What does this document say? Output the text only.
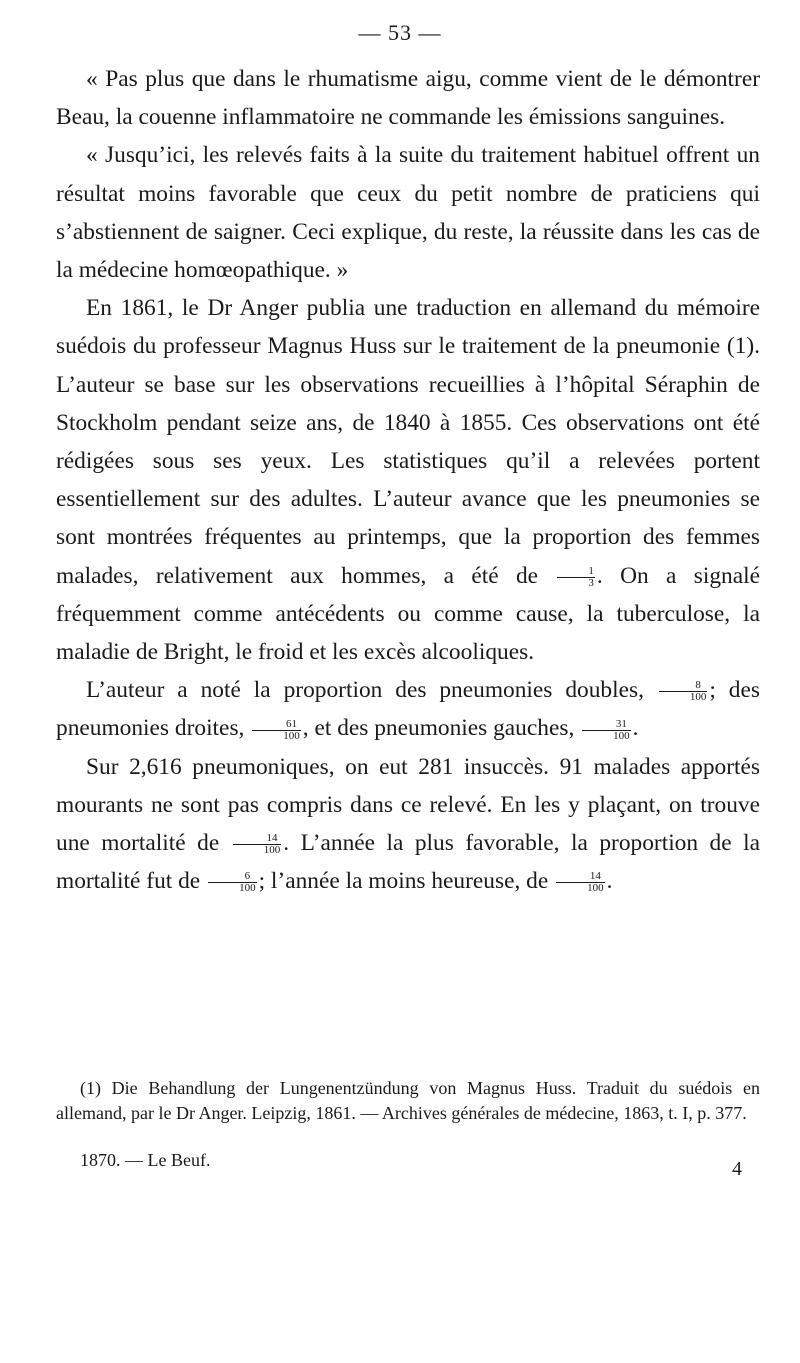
— 53 —

« Pas plus que dans le rhumatisme aigu, comme vient de le démontrer Beau, la couenne inflammatoire ne commande les émissions sanguines.

« Jusqu’ici, les relevés faits à la suite du traitement habituel offrent un résultat moins favorable que ceux du petit nombre de praticiens qui s’abstiennent de saigner. Ceci explique, du reste, la réussite dans les cas de la médecine homœopathique. »

En 1861, le Dr Anger publia une traduction en allemand du mémoire suédois du professeur Magnus Huss sur le traitement de la pneumonie (1). L’auteur se base sur les observations recueillies à l’hôpital Séraphin de Stockholm pendant seize ans, de 1840 à 1855. Ces observations ont été rédigées sous ses yeux. Les statistiques qu’il a relevées portent essentiellement sur des adultes. L’auteur avance que les pneumonies se sont montrées fréquentes au printemps, que la proportion des femmes malades, relativement aux hommes, a été de $\frac{1}{3}$ . On a signalé fréquemment comme antécédents ou comme cause, la tuberculose, la maladie de Bright, le froid et les excès alcooliques.

L’auteur a noté la proportion des pneumonies doubles, $\frac{8}{100}$ ; des pneumonies droites, $\frac{61}{100}$ , et des pneumonies gauches, $\frac{31}{100}$ .

Sur 2,616 pneumoniques, on eut 281 insuccès. 91 malades apportés mourants ne sont pas compris dans ce relevé. En les y plaçant, on trouve une mortalité de $\frac{14}{100}$ . L’année la plus favorable, la proportion de la mortalité fut de $\frac{6}{100}$ ; l’année la moins heureuse, de $\frac{14}{100}$ .

(1) Die Behandlung der Lungenentzündung von Magnus Huss. Traduit du suédois en allemand, par le Dr Anger. Leipzig, 1861. — Archives générales de médecine, 1863, t. I, p. 377.

1870. — Le Beuf.	4
